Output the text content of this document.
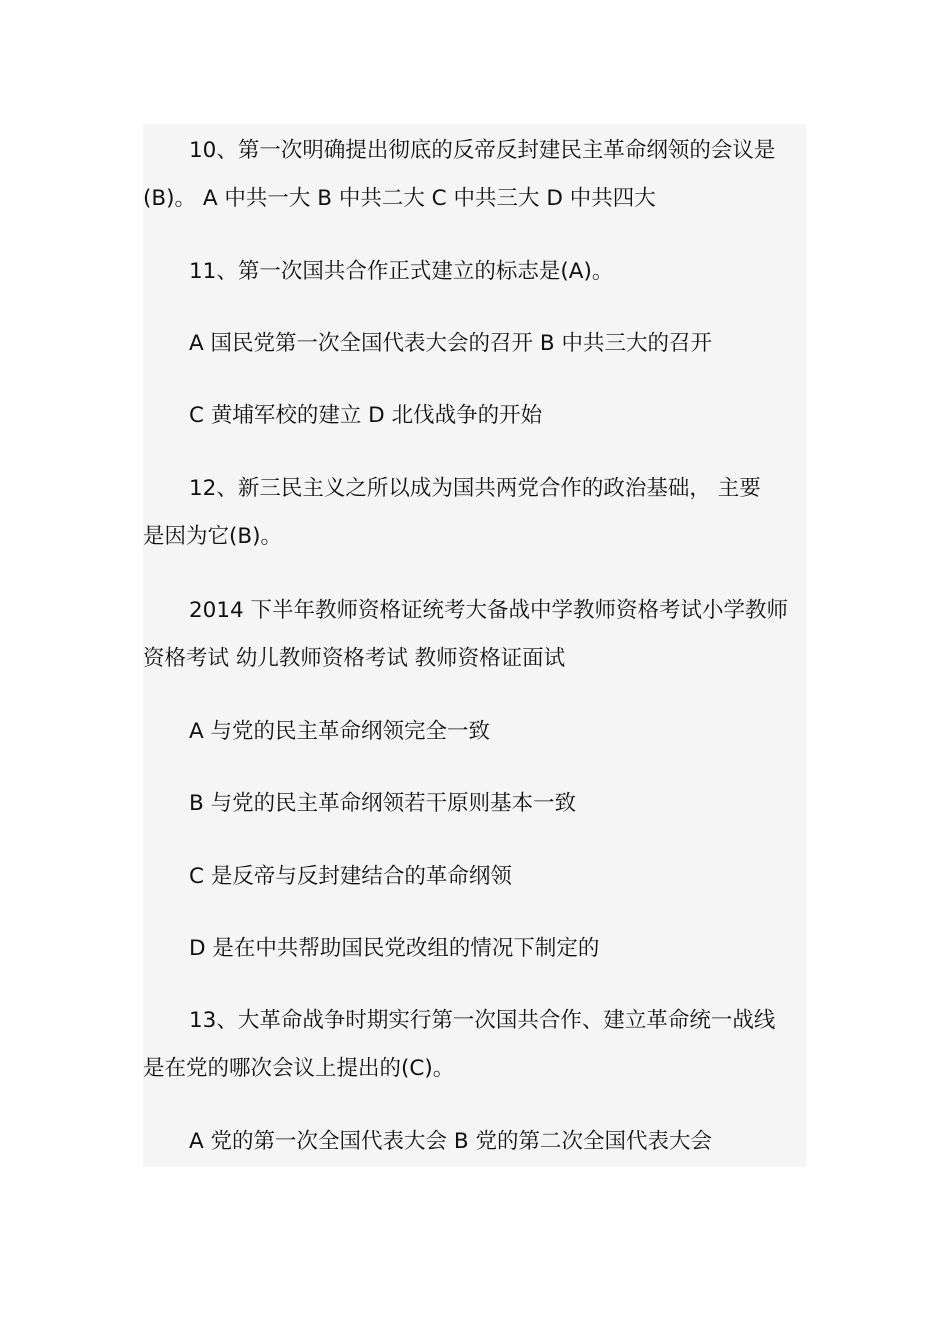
10、第一次明确提出彻底的反帝反封建民主革命纲领的会议是
(B)。 A 中共一大 B 中共二大 C 中共三大 D 中共四大

11、第一次国共合作正式建立的标志是(A)。

A 国民党第一次全国代表大会的召开 B 中共三大的召开

C 黄埔军校的建立 D 北伐战争的开始

12、新三民主义之所以成为国共两党合作的政治基础， 主要
是因为它(B)。

2014 下半年教师资格证统考大备战中学教师资格考试小学教师
资格考试 幼儿教师资格考试 教师资格证面试

A 与党的民主革命纲领完全一致

B 与党的民主革命纲领若干原则基本一致

C 是反帝与反封建结合的革命纲领

D 是在中共帮助国民党改组的情况下制定的

13、大革命战争时期实行第一次国共合作、建立革命统一战线
是在党的哪次会议上提出的(C)。

A 党的第一次全国代表大会 B 党的第二次全国代表大会
